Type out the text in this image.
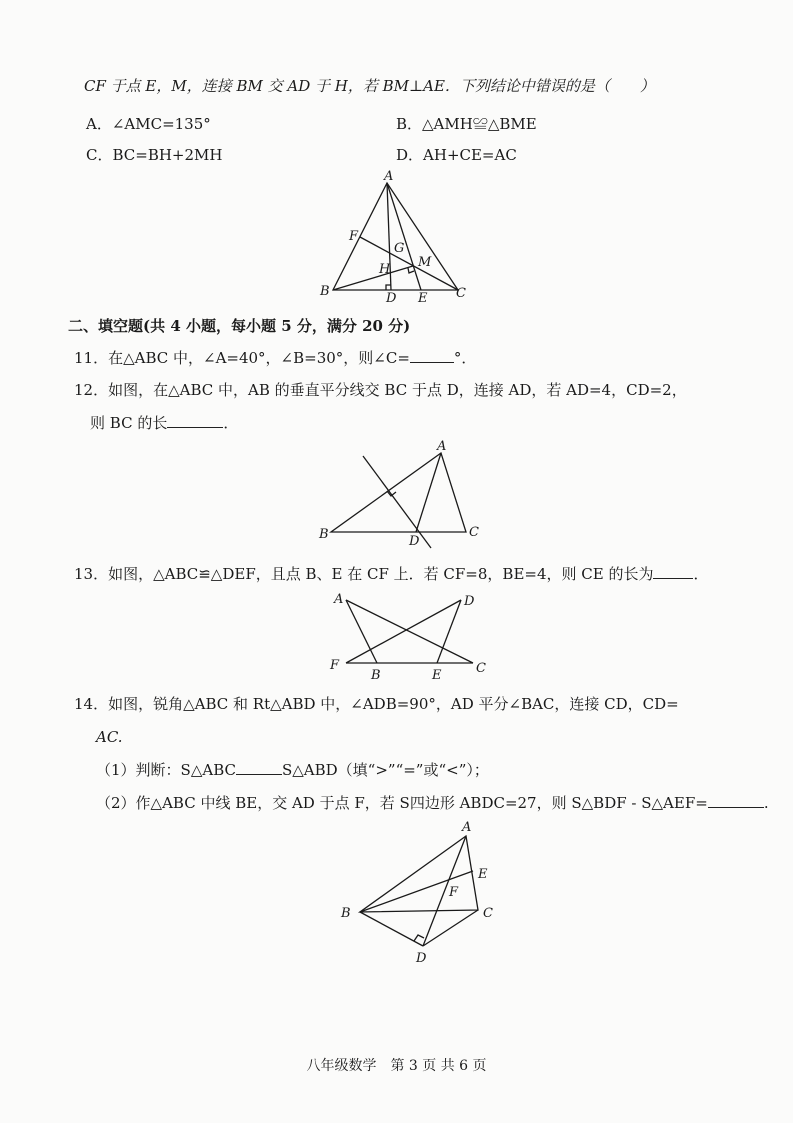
CF 于点 E，M，连接 BM 交 AD 于 H，若 BM⊥AE．下列结论中错误的是（　　）
A．∠AMC=135°	B．△AMH≌△BME
C．BC=BH+2MH	D．AH+CE=AC
A
F
G
M
H
B	D E C
二、填空题(共 4 小题，每小题 5 分，满分 20 分)
11．在△ABC 中，∠A=40°，∠B=30°，则∠C=	°．
12．如图，在△ABC 中，AB 的垂直平分线交 BC 于点 D，连接 AD，若 AD=4，CD=2，
则 BC 的长	．
A
B	D
C
13．如图，△ABC≌△DEF，且点 B、E 在 CF 上．若 CF=8，BE=4，则 CE 的长为	．
A	D
F
B	E	C
14．如图，锐角△ABC 和 Rt△ABD 中，∠ADB=90°，AD 平分∠BAC，连接 CD，CD=
AC.
（1）判断：S△ABC	S△ABD（填“>”“=”或“<”）；
（2）作△ABC 中线 BE，交 AD 于点 F，若 S四边形 ABDC=27，则 S△BDF - S△AEF=	.
A
E
F
B	C
D
八年级数学　第 3 页 共 6 页
